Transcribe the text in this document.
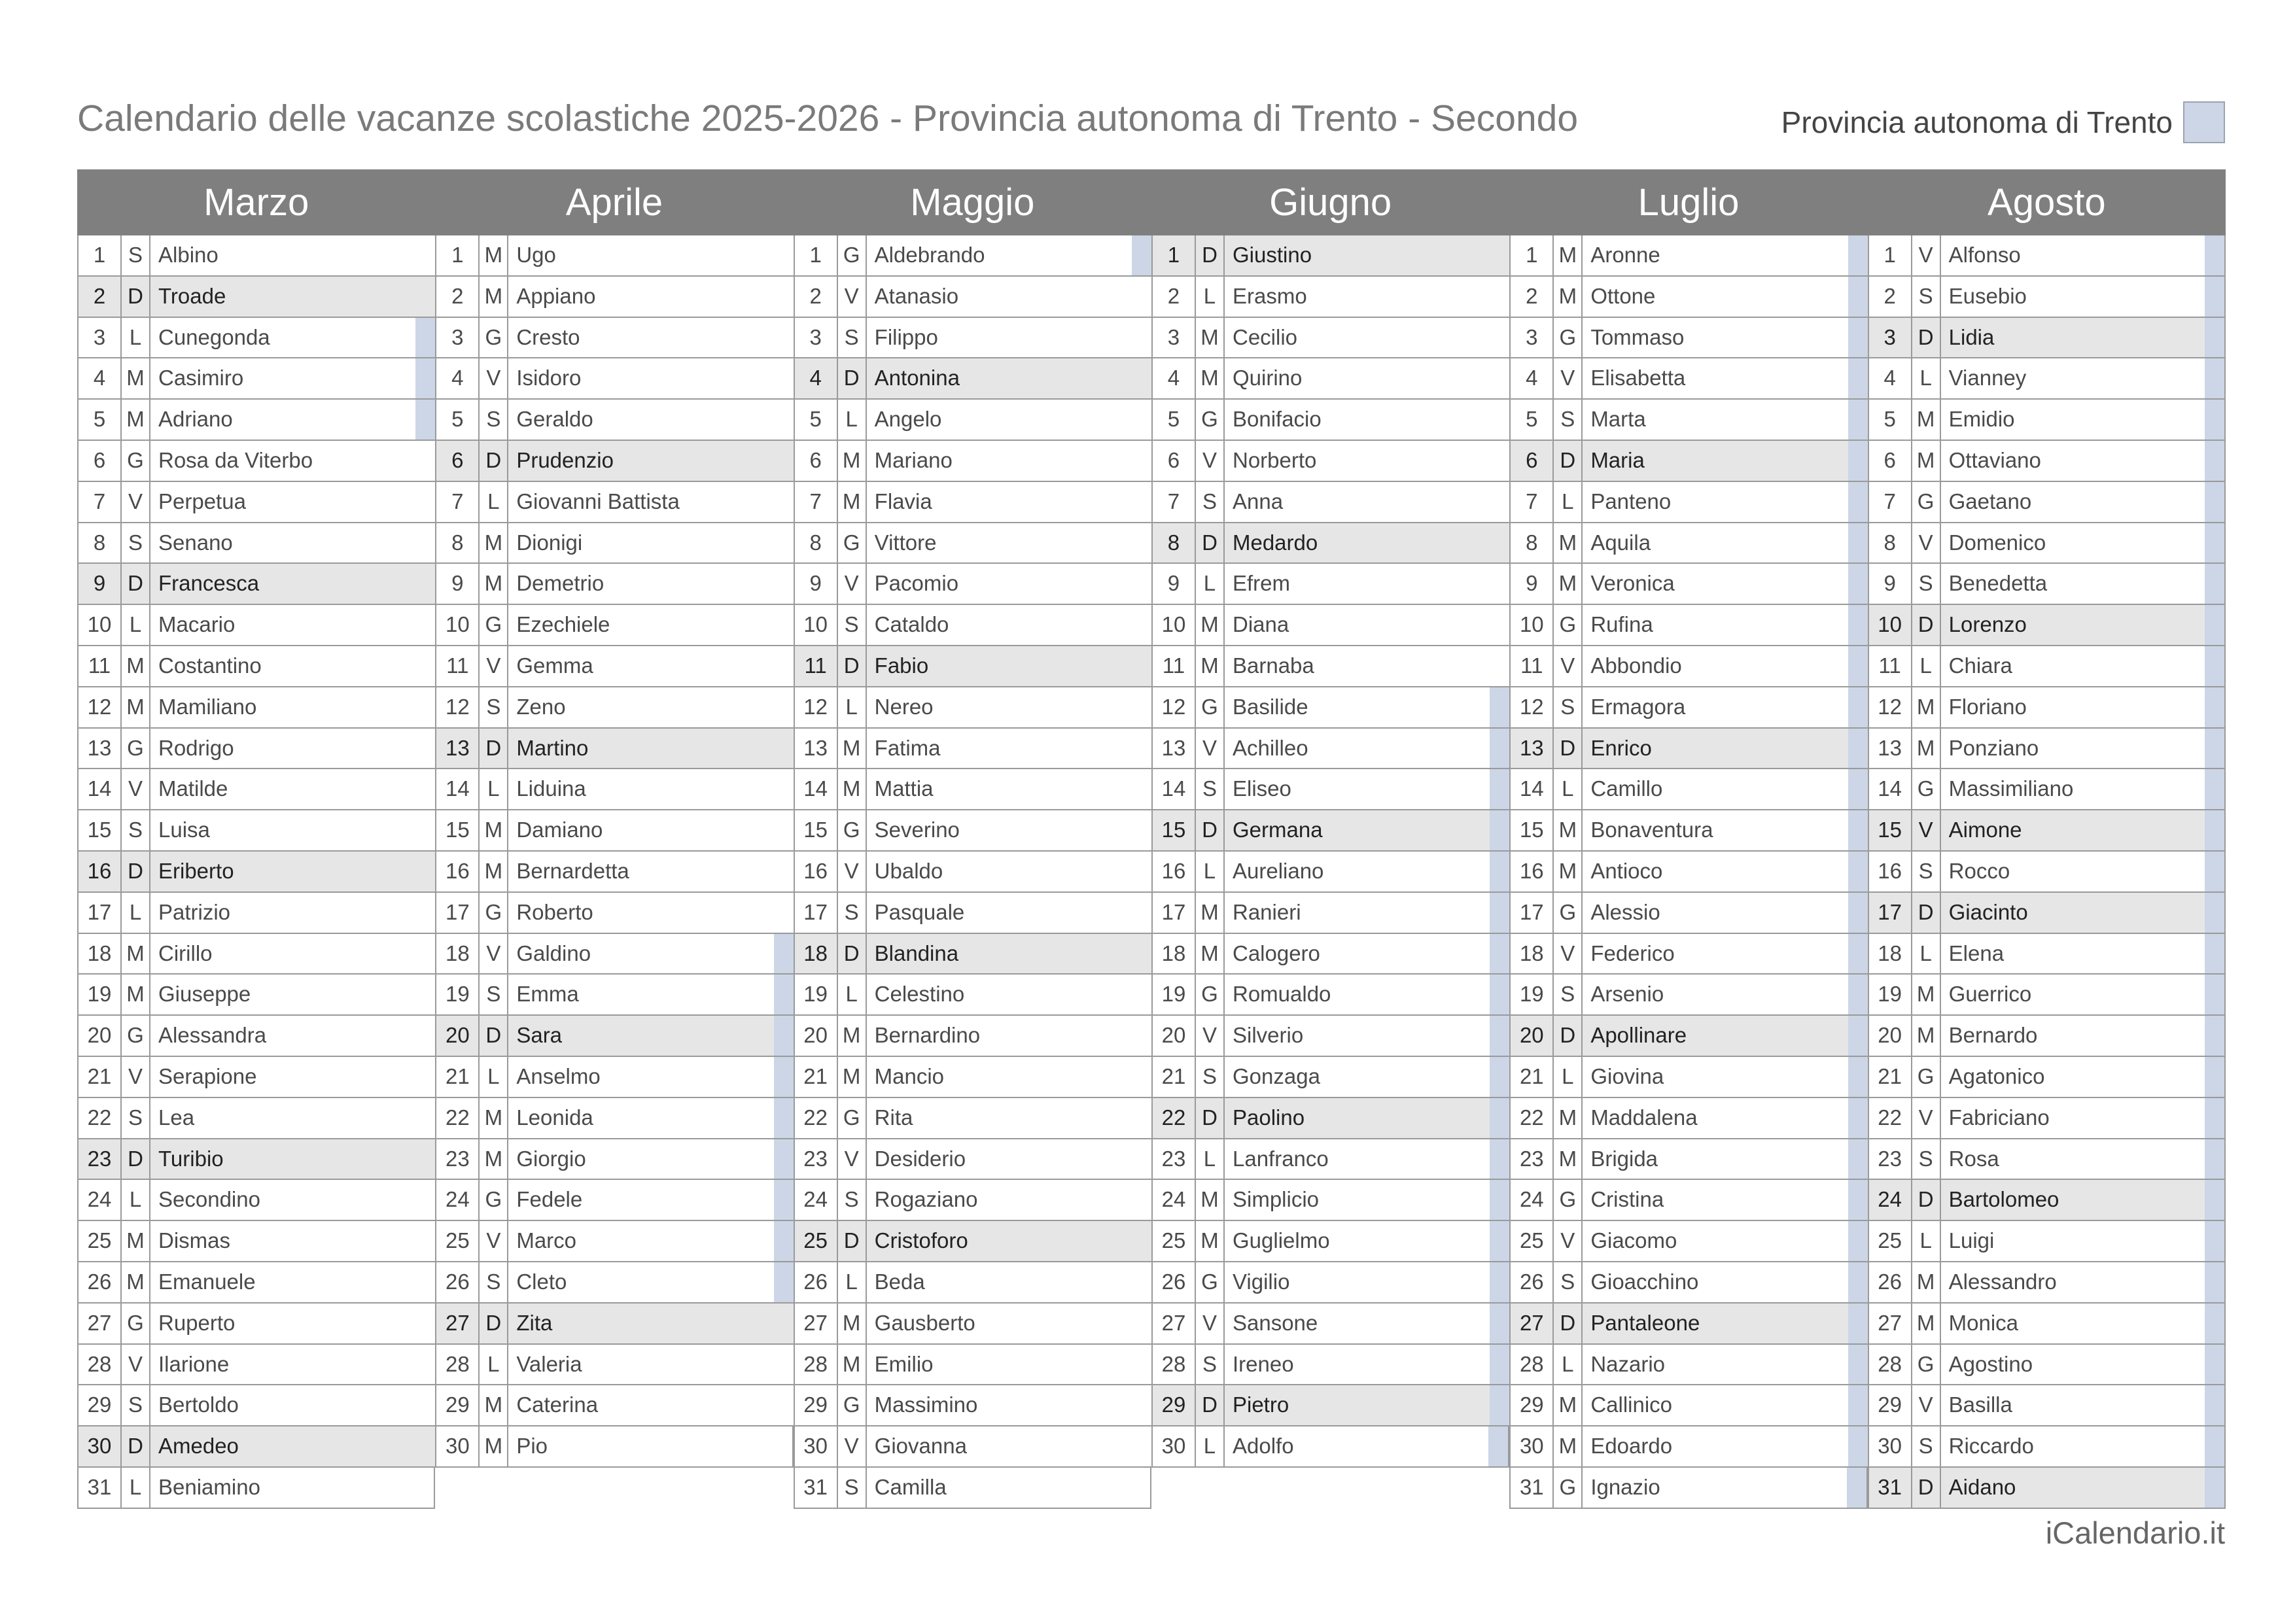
Calendario delle vacanze scolastiche 2025-2026 - Provincia autonoma di Trento - Secondo	Provincia autonoma di Trento
Marzo
1	S Albino
2	D Troade
3	L Cunegonda
4 M Casimiro
5 M Adriano
6 G Rosa da Viterbo
7	V Perpetua
8	S Senano
9	D Francesca
10 L Macario
11 M Costantino
12 M Mamiliano
13 G Rodrigo
14 V Matilde
15 S Luisa
16 D Eriberto
17 L Patrizio
18 M Cirillo
19 M Giuseppe
20 G Alessandra
21 V Serapione
22 S Lea
23 D Turibio
24 L Secondino
25 M Dismas
26 M Emanuele
27 G Ruperto
28 V Ilarione
29 S Bertoldo
30 D Amedeo
31 L Beniamino
Aprile
1 M Ugo
2 M Appiano
3 G Cresto
4	V Isidoro
5	S Geraldo
6	D Prudenzio
7	L Giovanni Battista
8 M Dionigi
9 M Demetrio
10 G Ezechiele
11 V Gemma
12 S Zeno
13 D Martino
14 L Liduina
15 M Damiano
16 M Bernardetta
17 G Roberto
18 V Galdino
19 S Emma
20 D Sara
21 L Anselmo
22 M Leonida
23 M Giorgio
24 G Fedele
25 V Marco
26 S Cleto
27 D Zita
28 L Valeria
29 M Caterina
30 M Pio
Maggio
1 G Aldebrando
2	V Atanasio
3	S Filippo
4	D Antonina
5	L Angelo
6 M Mariano
7 M Flavia
8 G Vittore
9	V Pacomio
10 S Cataldo
11 D Fabio
12 L Nereo
13 M Fatima
14 M Mattia
15 G Severino
16 V Ubaldo
17 S Pasquale
18 D Blandina
19 L Celestino
20 M Bernardino
21 M Mancio
22 G Rita
23 V Desiderio
24 S Rogaziano
25 D Cristoforo
26 L Beda
27 M Gausberto
28 M Emilio
29 G Massimino
30 V Giovanna
31 S Camilla
Giugno
1	D Giustino
2	L Erasmo
3 M Cecilio
4 M Quirino
5 G Bonifacio
6	V Norberto
7	S Anna
8	D Medardo
9	L Efrem
10 M Diana
11 M Barnaba
12 G Basilide
13 V Achilleo
14 S Eliseo
15 D Germana
16 L Aureliano
17 M Ranieri
18 M Calogero
19 G Romualdo
20 V Silverio
21 S Gonzaga
22 D Paolino
23 L Lanfranco
24 M Simplicio
25 M Guglielmo
26 G Vigilio
27 V Sansone
28 S Ireneo
29 D Pietro
30 L Adolfo
Luglio
1 M Aronne
2 M Ottone
3 G Tommaso
4	V Elisabetta
5	S Marta
6	D Maria
7	L Panteno
8 M Aquila
9 M Veronica
10 G Rufina
11 V Abbondio
12 S Ermagora
13 D Enrico
14 L Camillo
15 M Bonaventura
16 M Antioco
17 G Alessio
18 V Federico
19 S Arsenio
20 D Apollinare
21 L Giovina
22 M Maddalena
23 M Brigida
24 G Cristina
25 V Giacomo
26 S Gioacchino
27 D Pantaleone
28 L Nazario
29 M Callinico
30 M Edoardo
31 G Ignazio
Agosto
1	V Alfonso
2	S Eusebio
3	D Lidia
4	L Vianney
5 M Emidio
6 M Ottaviano
7 G Gaetano
8	V Domenico
9	S Benedetta
10 D Lorenzo
11 L Chiara
12 M Floriano
13 M Ponziano
14 G Massimiliano
15 V Aimone
16 S Rocco
17 D Giacinto
18 L Elena
19 M Guerrico
20 M Bernardo
21 G Agatonico
22 V Fabriciano
23 S Rosa
24 D Bartolomeo
25 L Luigi
26 M Alessandro
27 M Monica
28 G Agostino
29 V Basilla
30 S Riccardo
31 D Aidano
iCalendario.it
